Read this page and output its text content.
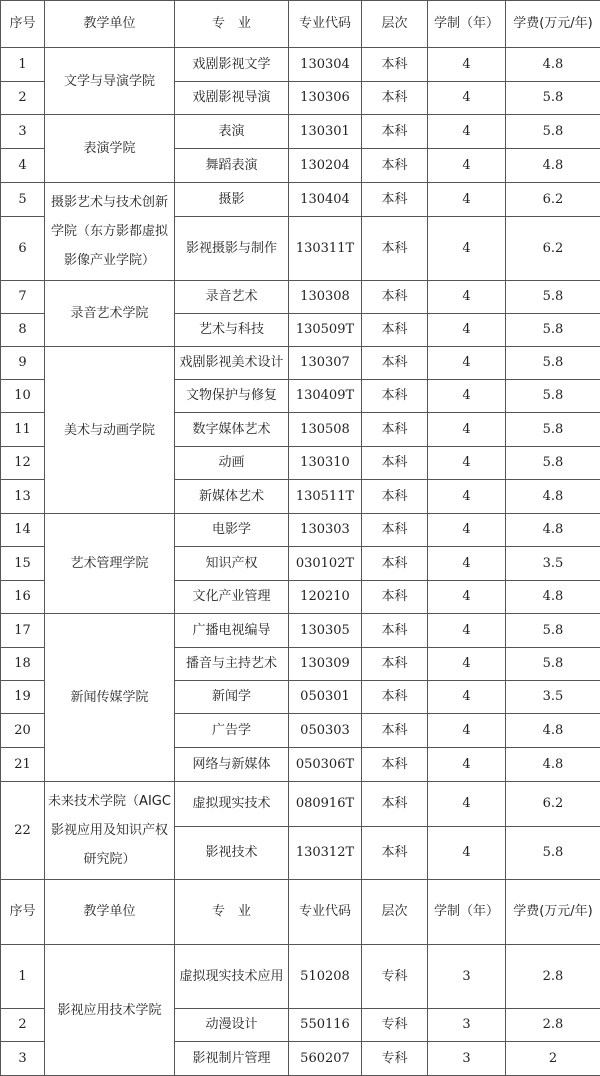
序号	教学单位	专　业	专业代码	层次	学制（年）	学费(万元/年)
1	文学与导演学院	戏剧影视文学	130304	本科	4	4.8
2		戏剧影视导演	130306	本科	4	5.8
3	表演学院	表演	130301	本科	4	5.8
4		舞蹈表演	130204	本科	4	4.8
5	摄影艺术与技术创新学院（东方影都虚拟影像产业学院）	摄影	130404	本科	4	6.2
6		影视摄影与制作	130311T	本科	4	6.2
7	录音艺术学院	录音艺术	130308	本科	4	5.8
8		艺术与科技	130509T	本科	4	5.8
9	美术与动画学院	戏剧影视美术设计	130307	本科	4	5.8
10		文物保护与修复	130409T	本科	4	5.8
11		数字媒体艺术	130508	本科	4	5.8
12		动画	130310	本科	4	5.8
13		新媒体艺术	130511T	本科	4	4.8
14	艺术管理学院	电影学	130303	本科	4	4.8
15		知识产权	030102T	本科	4	3.5
16		文化产业管理	120210	本科	4	4.8
17	新闻传媒学院	广播电视编导	130305	本科	4	5.8
18		播音与主持艺术	130309	本科	4	5.8
19		新闻学	050301	本科	4	3.5
20		广告学	050303	本科	4	4.8
21		网络与新媒体	050306T	本科	4	4.8
22	未来技术学院（AIGC影视应用及知识产权研究院）	虚拟现实技术	080916T	本科	4	6.2
		影视技术	130312T	本科	4	5.8
序号	教学单位	专　业	专业代码	层次	学制（年）	学费(万元/年)
1	影视应用技术学院	虚拟现实技术应用	510208	专科	3	2.8
2		动漫设计	550116	专科	3	2.8
3		影视制片管理	560207	专科	3	2
